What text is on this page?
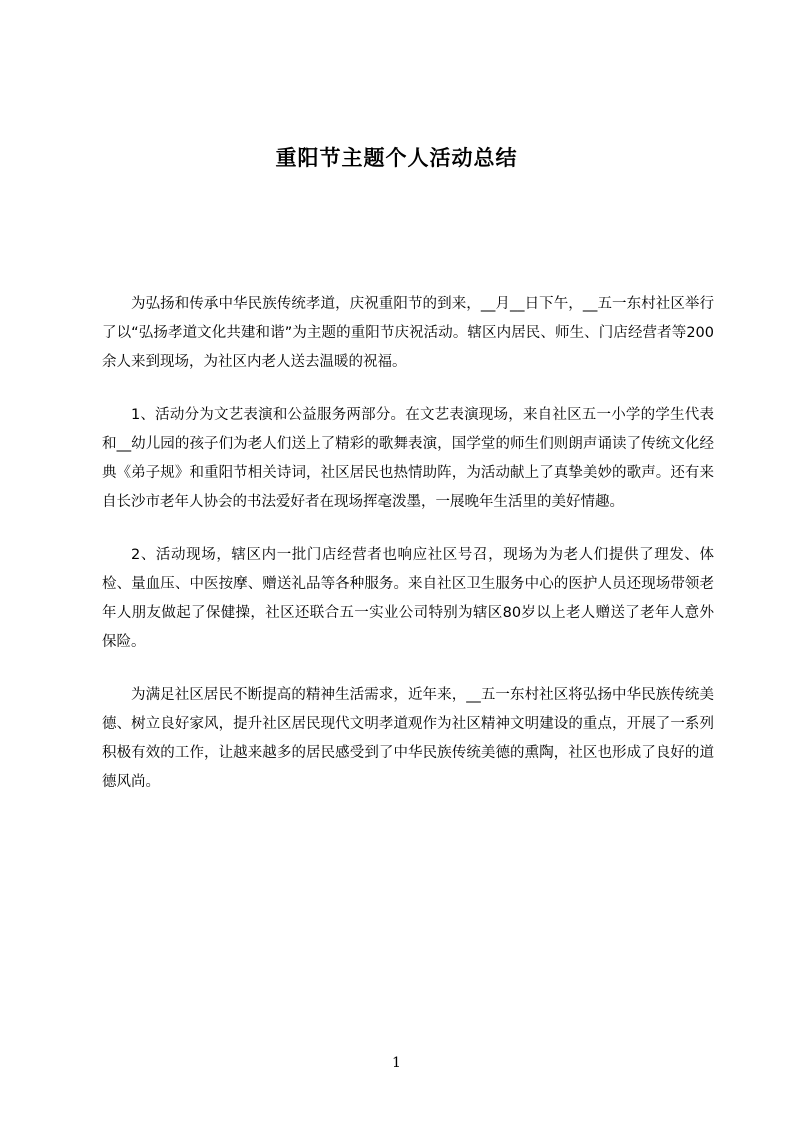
重阳节主题个人活动总结

为弘扬和传承中华民族传统孝道，庆祝重阳节的到来，__月__日下午，__五一东村社区举行了以“弘扬孝道文化共建和谐”为主题的重阳节庆祝活动。辖区内居民、师生、门店经营者等200余人来到现场，为社区内老人送去温暖的祝福。

1、活动分为文艺表演和公益服务两部分。在文艺表演现场，来自社区五一小学的学生代表和__幼儿园的孩子们为老人们送上了精彩的歌舞表演，国学堂的师生们则朗声诵读了传统文化经典《弟子规》和重阳节相关诗词，社区居民也热情助阵，为活动献上了真挚美妙的歌声。还有来自长沙市老年人协会的书法爱好者在现场挥毫泼墨，一展晚年生活里的美好情趣。

2、活动现场，辖区内一批门店经营者也响应社区号召，现场为为老人们提供了理发、体检、量血压、中医按摩、赠送礼品等各种服务。来自社区卫生服务中心的医护人员还现场带领老年人朋友做起了保健操，社区还联合五一实业公司特别为辖区80岁以上老人赠送了老年人意外保险。

为满足社区居民不断提高的精神生活需求，近年来，__五一东村社区将弘扬中华民族传统美德、树立良好家风，提升社区居民现代文明孝道观作为社区精神文明建设的重点，开展了一系列积极有效的工作，让越来越多的居民感受到了中华民族传统美德的熏陶，社区也形成了良好的道德风尚。

1
